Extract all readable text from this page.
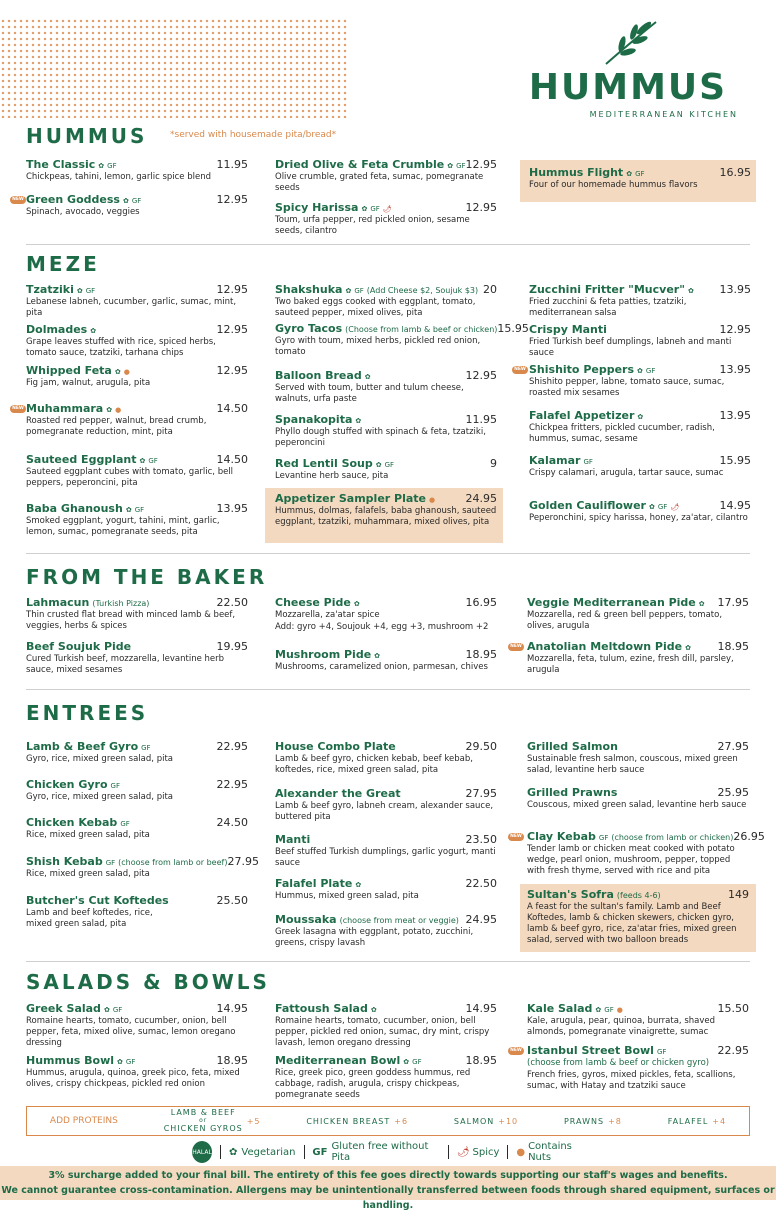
HUMMUS
MEDITERRANEAN KITCHEN
HUMMUS	*served with housemade pita/bread*
The Classic ✿ GF	11.95
Chickpeas, tahini, lemon, garlic spice blend
NEW Green Goddess ✿ GF	12.95
Spinach, avocado, veggies
Dried Olive & Feta Crumble ✿ GF 12.95
Olive crumble, grated feta, sumac, pomegranate seeds
Spicy Harissa ✿ GF 🌶	12.95
Toum, urfa pepper, red pickled onion, sesame seeds, cilantro
Hummus Flight ✿ GF	16.95
Four of our homemade hummus flavors
MEZE
Tzatziki ✿ GF	12.95
Lebanese labneh, cucumber, garlic, sumac, mint, pita
Dolmades ✿	12.95
Grape leaves stuffed with rice, spiced herbs, tomato sauce, tzatziki, tarhana chips
Whipped Feta ✿ ●	12.95
Fig jam, walnut, arugula, pita
NEW Muhammara ✿ ●	14.50
Roasted red pepper, walnut, bread crumb, pomegranate reduction, mint, pita
Sauteed Eggplant ✿ GF	14.50
Sauteed eggplant cubes with tomato, garlic, bell peppers, peperoncini, pita
Baba Ghanoush ✿ GF	13.95
Smoked eggplant, yogurt, tahini, mint, garlic, lemon, sumac, pomegranate seeds, pita
Shakshuka ✿ GF (Add Cheese $2, Soujuk $3) 20
Two baked eggs cooked with eggplant, tomato, sauteed pepper, mixed olives, pita
Gyro Tacos (Choose from lamb & beef or chicken) 15.95
Gyro with toum, mixed herbs, pickled red onion, tomato
Balloon Bread ✿	12.95
Served with toum, butter and tulum cheese, walnuts, urfa paste
Spanakopita ✿	11.95
Phyllo dough stuffed with spinach & feta, tzatziki, peperoncini
Red Lentil Soup ✿ GF	9
Levantine herb sauce, pita
Appetizer Sampler Plate ●	24.95
Hummus, dolmas, falafels, baba ghanoush, sauteed eggplant, tzatziki, muhammara, mixed olives, pita
Zucchini Fritter "Mucver" ✿ 13.95
Fried zucchini & feta patties, tzatziki, mediterranean salsa
Crispy Manti	12.95
Fried Turkish beef dumplings, labneh and manti sauce
NEW Shishito Peppers ✿ GF	13.95
Shishito pepper, labne, tomato sauce, sumac, roasted mix sesames
Falafel Appetizer ✿	13.95
Chickpea fritters, pickled cucumber, radish, hummus, sumac, sesame
Kalamar GF	15.95
Crispy calamari, arugula, tartar sauce, sumac
Golden Cauliflower ✿ GF 🌶	14.95
Peperonchini, spicy harissa, honey, za'atar, cilantro
FROM THE BAKER
Lahmacun (Turkish Pizza)	22.50
Thin crusted flat bread with minced lamb & beef, veggies, herbs & spices
Beef Soujuk Pide	19.95
Cured Turkish beef, mozzarella, levantine herb sauce, mixed sesames
Cheese Pide ✿	16.95
Mozzarella, za'atar spice
Add: gyro +4, Soujouk +4, egg +3, mushroom +2
Mushroom Pide ✿	18.95
Mushrooms, caramelized onion, parmesan, chives
Veggie Mediterranean Pide ✿ 17.95
Mozzarella, red & green bell peppers, tomato, olives, arugula
NEW Anatolian Meltdown Pide ✿ 18.95
Mozzarella, feta, tulum, ezine, fresh dill, parsley, arugula
ENTREES
Lamb & Beef Gyro GF	22.95
Gyro, rice, mixed green salad, pita
Chicken Gyro GF	22.95
Gyro, rice, mixed green salad, pita
Chicken Kebab GF	24.50
Rice, mixed green salad, pita
Shish Kebab GF (choose from lamb or beef) 27.95
Rice, mixed green salad, pita
Butcher's Cut Koftedes	25.50
Lamb and beef koftedes, rice, mixed green salad, pita
House Combo Plate	29.50
Lamb & beef gyro, chicken kebab, beef kebab, koftedes, rice, mixed green salad, pita
Alexander the Great	27.95
Lamb & beef gyro, labneh cream, alexander sauce, buttered pita
Manti	23.50
Beef stuffed Turkish dumplings, garlic yogurt, manti sauce
Falafel Plate ✿	22.50
Hummus, mixed green salad, pita
Moussaka (choose from meat or veggie) 24.95
Greek lasagna with eggplant, potato, zucchini, greens, crispy lavash
Grilled Salmon	27.95
Sustainable fresh salmon, couscous, mixed green salad, levantine herb sauce
Grilled Prawns	25.95
Couscous, mixed green salad, levantine herb sauce
NEW Clay Kebab GF (choose from lamb or chicken) 26.95
Tender lamb or chicken meat cooked with potato wedge, pearl onion, mushroom, pepper, topped with fresh thyme, served with rice and pita
Sultan's Sofra (feeds 4-6)	149
A feast for the sultan's family. Lamb and Beef Koftedes, lamb & chicken skewers, chicken gyro, lamb & beef gyro, rice, za'atar fries, mixed green salad, served with two balloon breads
SALADS & BOWLS
Greek Salad ✿ GF	14.95
Romaine hearts, tomato, cucumber, onion, bell pepper, feta, mixed olive, sumac, lemon oregano dressing
Hummus Bowl ✿ GF	18.95
Hummus, arugula, quinoa, greek pico, feta, mixed olives, crispy chickpeas, pickled red onion
Fattoush Salad ✿	14.95
Romaine hearts, tomato, cucumber, onion, bell pepper, pickled red onion, sumac, dry mint, crispy lavash, lemon oregano dressing
Mediterranean Bowl ✿ GF	18.95
Rice, greek pico, green goddess hummus, red cabbage, radish, arugula, crispy chickpeas, pomegranate seeds
Kale Salad ✿ GF ●	15.50
Kale, arugula, pear, quinoa, burrata, shaved almonds, pomegranate vinaigrette, sumac
NEW Istanbul Street Bowl GF	22.95
(choose from lamb & beef or chicken gyro)
French fries, gyros, mixed pickles, feta, scallions, sumac, with Hatay and tzatziki sauce
ADD PROTEINS
LAMB & BEEF
or
CHICKEN GYROS
+5	CHICKEN BREAST +6	SALMON +10	PRAWNS +8	FALAFEL +4
HALAL ✿ Vegetarian GF Gluten free without Pita	🌶 Spicy ● Contains Nuts
3% surcharge added to your final bill. The entirety of this fee goes directly towards supporting our staff's wages and benefits.
We cannot guarantee cross-contamination. Allergens may be unintentionally transferred between foods through shared equipment, surfaces or handling.
